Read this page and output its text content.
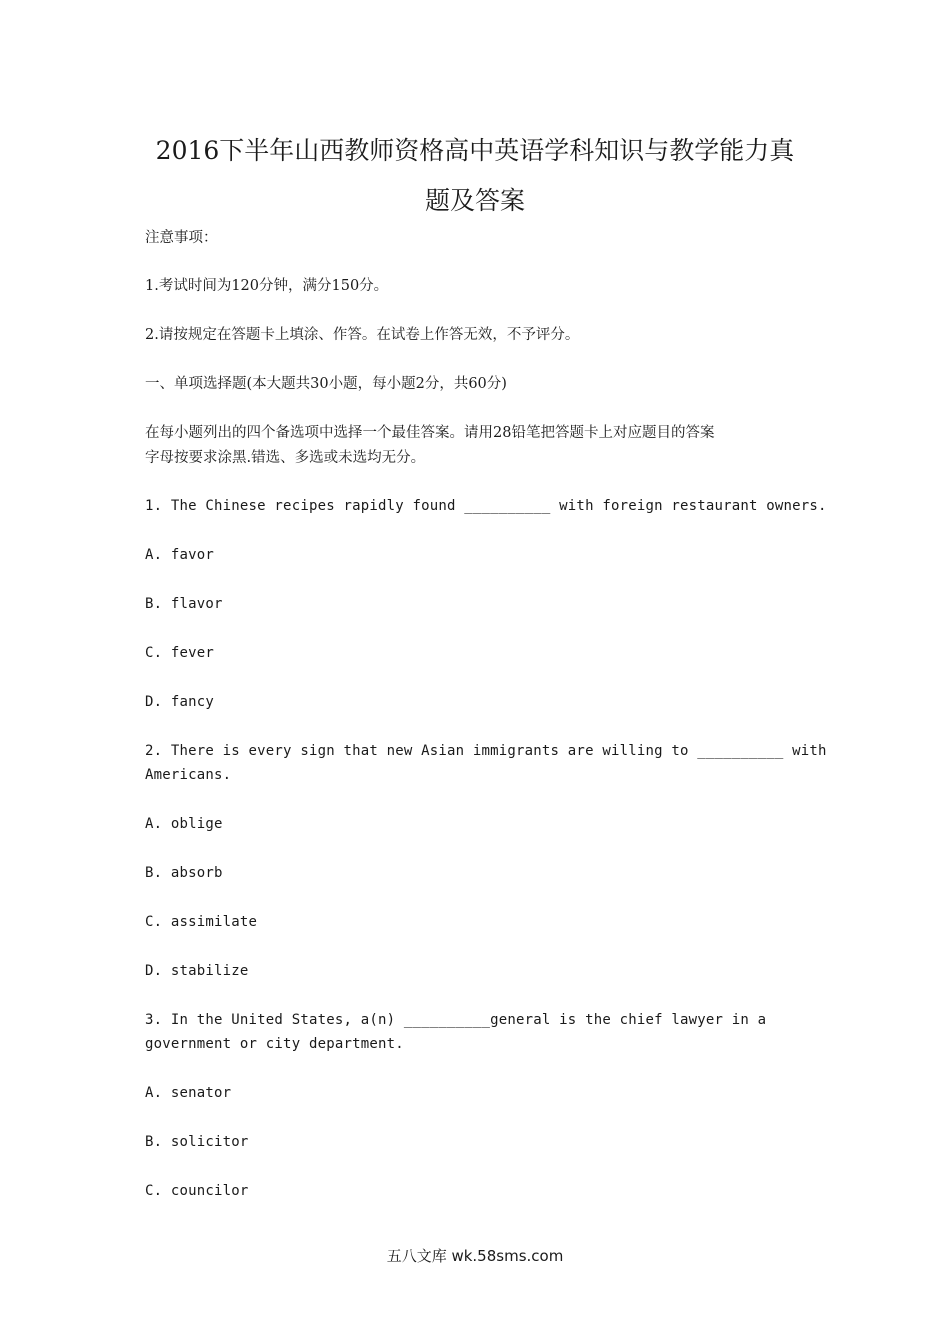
2016下半年山西教师资格高中英语学科知识与教学能力真
题及答案
注意事项：
1.考试时间为120分钟，满分150分。
2.请按规定在答题卡上填涂、作答。在试卷上作答无效，不予评分。
一、单项选择题(本大题共30小题，每小题2分，共60分)
在每小题列出的四个备选项中选择一个最佳答案。请用28铅笔把答题卡上对应题目的答案
字母按要求涂黑.错选、多选或未选均无分。
1. The Chinese recipes rapidly found __________ with foreign restaurant owners.
A. favor
B. flavor
C. fever
D. fancy
2. There is every sign that new Asian immigrants are willing to __________ with
Americans.
A. oblige
B. absorb
C. assimilate
D. stabilize
3. In the United States, a(n) __________general is the chief lawyer in a
government or city department.
A. senator
B. solicitor
C. councilor
五八文库 wk.58sms.com
